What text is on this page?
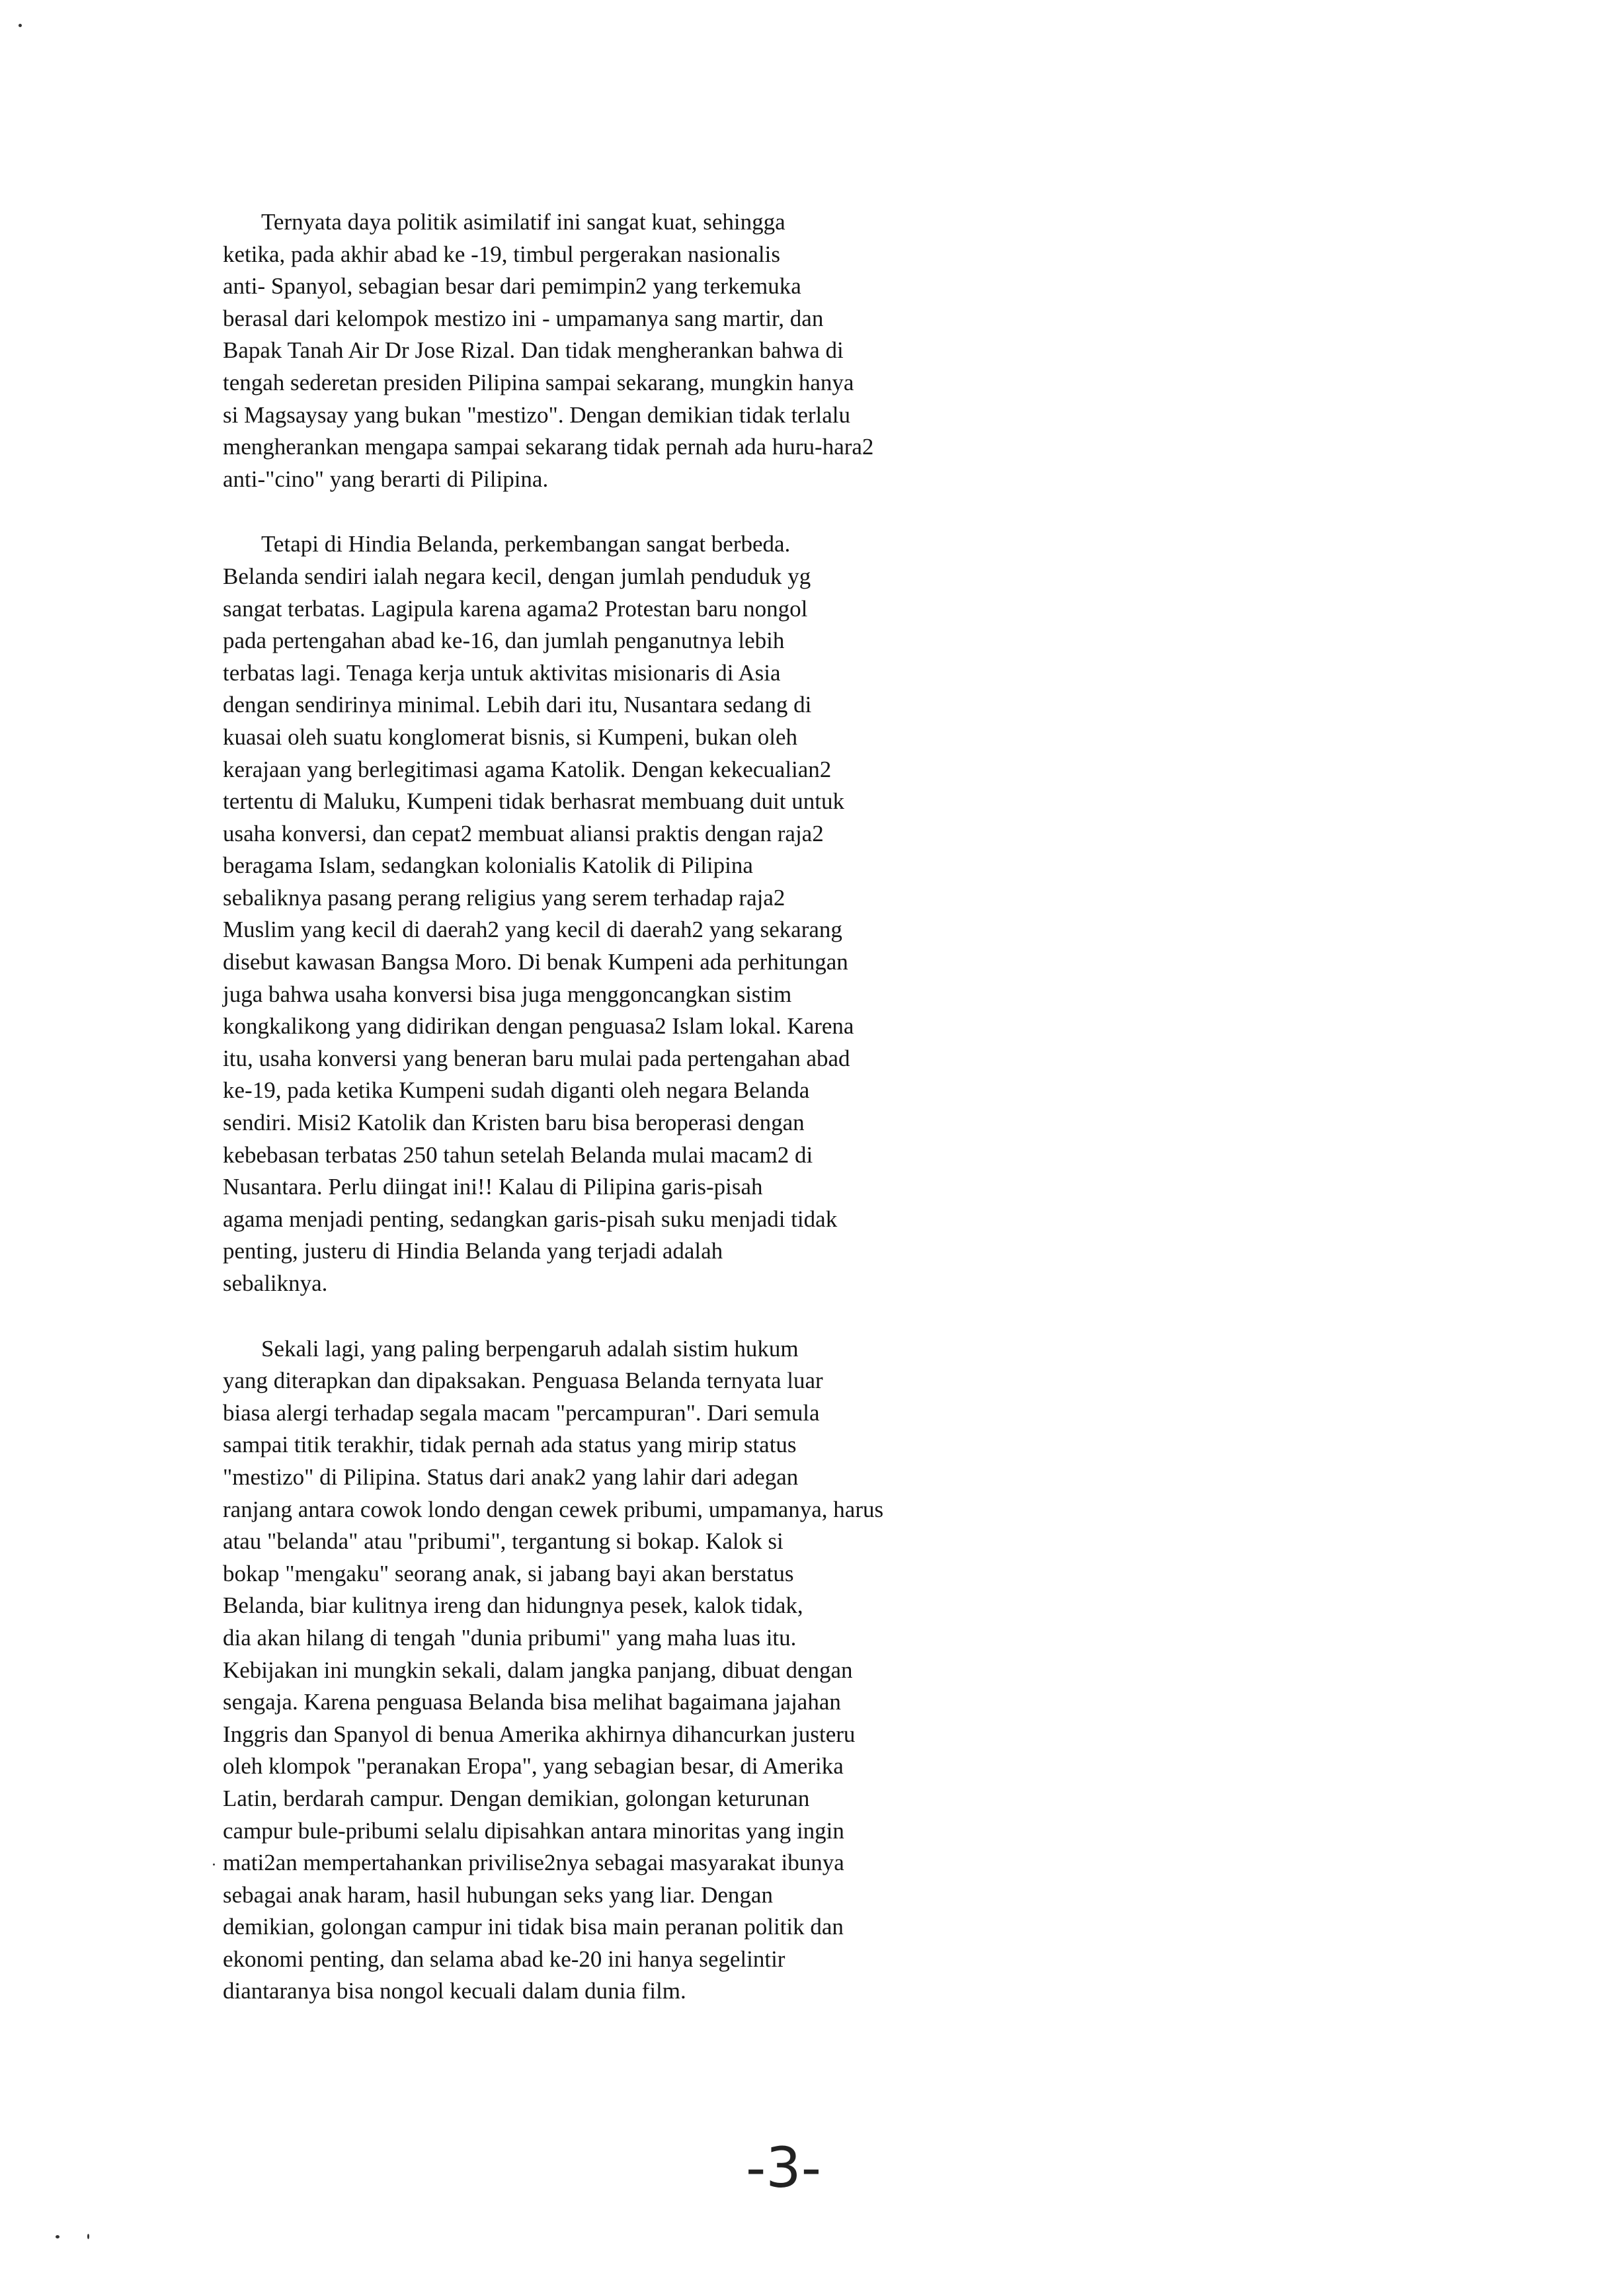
Ternyata daya politik asimilatif ini sangat kuat, sehingga
ketika, pada akhir abad ke -19, timbul pergerakan nasionalis
anti- Spanyol, sebagian besar dari pemimpin2 yang terkemuka
berasal dari kelompok mestizo ini - umpamanya sang martir, dan
Bapak Tanah Air Dr Jose Rizal. Dan tidak mengherankan bahwa di
tengah sederetan presiden Pilipina sampai sekarang, mungkin hanya
si Magsaysay yang bukan "mestizo". Dengan demikian tidak terlalu
mengherankan mengapa sampai sekarang tidak pernah ada huru-hara2
anti-"cino" yang berarti di Pilipina.
Tetapi di Hindia Belanda, perkembangan sangat berbeda.
Belanda sendiri ialah negara kecil, dengan jumlah penduduk yg
sangat terbatas. Lagipula karena agama2 Protestan baru nongol
pada pertengahan abad ke-16, dan jumlah penganutnya lebih
terbatas lagi. Tenaga kerja untuk aktivitas misionaris di Asia
dengan sendirinya minimal. Lebih dari itu, Nusantara sedang di
kuasai oleh suatu konglomerat bisnis, si Kumpeni, bukan oleh
kerajaan yang berlegitimasi agama Katolik. Dengan kekecualian2
tertentu di Maluku, Kumpeni tidak berhasrat membuang duit untuk
usaha konversi, dan cepat2 membuat aliansi praktis dengan raja2
beragama Islam, sedangkan kolonialis Katolik di Pilipina
sebaliknya pasang perang religius yang serem terhadap raja2
Muslim yang kecil di daerah2 yang kecil di daerah2 yang sekarang
disebut kawasan Bangsa Moro. Di benak Kumpeni ada perhitungan
juga bahwa usaha konversi bisa juga menggoncangkan sistim
kongkalikong yang didirikan dengan penguasa2 Islam lokal. Karena
itu, usaha konversi yang beneran baru mulai pada pertengahan abad
ke-19, pada ketika Kumpeni sudah diganti oleh negara Belanda
sendiri. Misi2 Katolik dan Kristen baru bisa beroperasi dengan
kebebasan terbatas 250 tahun setelah Belanda mulai macam2 di
Nusantara. Perlu diingat ini!! Kalau di Pilipina garis-pisah
agama menjadi penting, sedangkan garis-pisah suku menjadi tidak
penting, justeru di Hindia Belanda yang terjadi adalah
sebaliknya.
Sekali lagi, yang paling berpengaruh adalah sistim hukum
yang diterapkan dan dipaksakan. Penguasa Belanda ternyata luar
biasa alergi terhadap segala macam "percampuran". Dari semula
sampai titik terakhir, tidak pernah ada status yang mirip status
"mestizo" di Pilipina. Status dari anak2 yang lahir dari adegan
ranjang antara cowok londo dengan cewek pribumi, umpamanya, harus
atau "belanda" atau "pribumi", tergantung si bokap. Kalok si
bokap "mengaku" seorang anak, si jabang bayi akan berstatus
Belanda, biar kulitnya ireng dan hidungnya pesek, kalok tidak,
dia akan hilang di tengah "dunia pribumi" yang maha luas itu.
Kebijakan ini mungkin sekali, dalam jangka panjang, dibuat dengan
sengaja. Karena penguasa Belanda bisa melihat bagaimana jajahan
Inggris dan Spanyol di benua Amerika akhirnya dihancurkan justeru
oleh klompok "peranakan Eropa", yang sebagian besar, di Amerika
Latin, berdarah campur. Dengan demikian, golongan keturunan
campur bule-pribumi selalu dipisahkan antara minoritas yang ingin
mati2an mempertahankan privilise2nya sebagai masyarakat ibunya
sebagai anak haram, hasil hubungan seks yang liar. Dengan
demikian, golongan campur ini tidak bisa main peranan politik dan
ekonomi penting, dan selama abad ke-20 ini hanya segelintir
diantaranya bisa nongol kecuali dalam dunia film.
-3-
